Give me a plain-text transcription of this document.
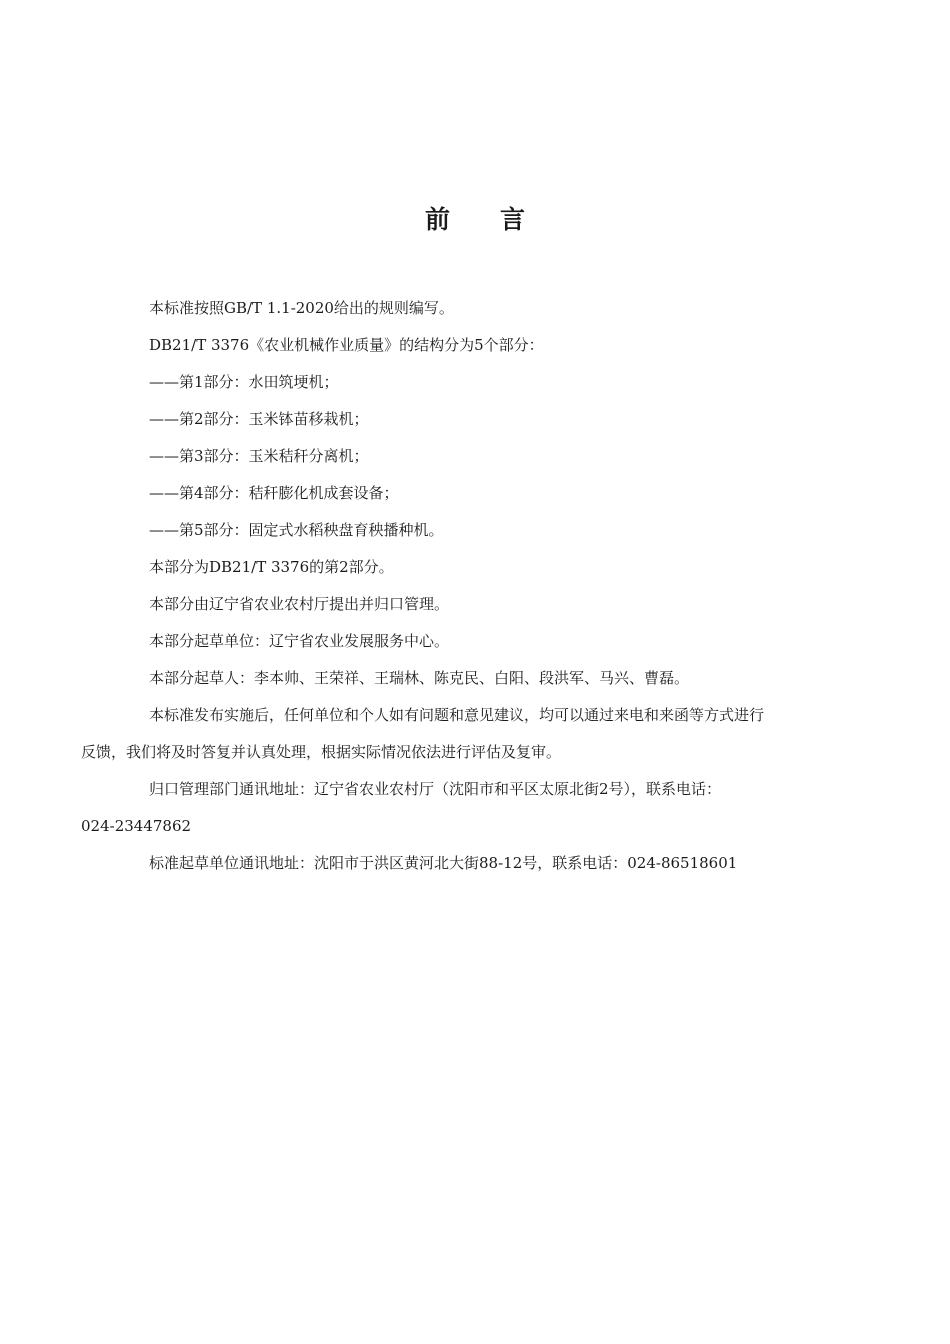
前言

本标准按照GB/T 1.1-2020给出的规则编写。

DB21/T 3376《农业机械作业质量》的结构分为5个部分：

——第1部分：水田筑埂机；

——第2部分：玉米钵苗移栽机；

——第3部分：玉米秸秆分离机；

——第4部分：秸秆膨化机成套设备；

——第5部分：固定式水稻秧盘育秧播种机。

本部分为DB21/T 3376的第2部分。

本部分由辽宁省农业农村厅提出并归口管理。

本部分起草单位：辽宁省农业发展服务中心。

本部分起草人：李本帅、王荣祥、王瑞林、陈克民、白阳、段洪军、马兴、曹磊。

本标准发布实施后，任何单位和个人如有问题和意见建议，均可以通过来电和来函等方式进行
反馈，我们将及时答复并认真处理，根据实际情况依法进行评估及复审。

归口管理部门通讯地址：辽宁省农业农村厅（沈阳市和平区太原北街2号），联系电话：
024-23447862

标准起草单位通讯地址：沈阳市于洪区黄河北大街88-12号，联系电话：024-86518601
